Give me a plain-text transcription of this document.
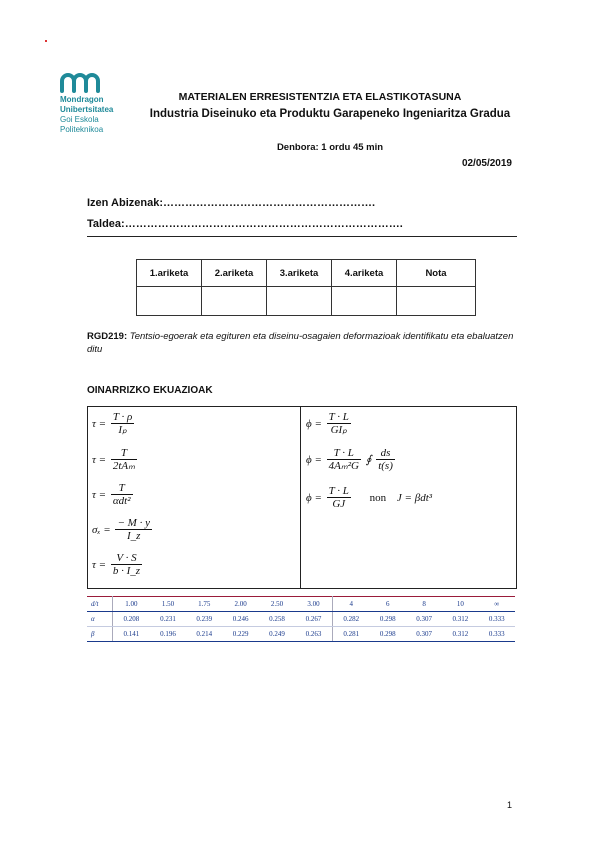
Mondragon
Unibertsitatea
Goi Eskola
Politeknikoa
MATERIALEN ERRESISTENTZIA ETA ELASTIKOTASUNA
Industria Diseinuko eta Produktu Garapeneko Ingeniaritza Gradua
Denbora: 1 ordu 45 min
02/05/2019
Izen Abizenak:………………………………………………….
Taldea:………………………………………………………………….
1.ariketa	2.ariketa	3.ariketa	4.ariketa	Nota

RGD219: Tentsio-egoerak eta egituren eta diseinu-osagaien deformazioak identifikatu eta ebaluatzen ditu
OINARRIZKO EKUAZIOAK
$\tau = \frac{T \cdot \rho}{\text{Iₚ}}$
$\tau = \frac{T}{\text{2tAₘ}}$
$\tau = \frac{T}{\text{αdt²}}$
$\sigma_x = \frac{- M \cdot y}{I\_z}$
$\tau = \frac{V \cdot S}{b \cdot I\_z}$
$\phi = \frac{T \cdot L}{\text{GIₚ}}$
$\phi = \frac{T \cdot L}{\text{4Aₘ²G}}$ ∮ $\frac{ds}{t(s)}$
$\phi = \frac{T \cdot L}{GJ}$ non J = βdt³
d/t	1.00	1.50	1.75	2.00	2.50	3.00	4	6	8	10	∞
α	0.208	0.231	0.239	0.246	0.258	0.267	0.282	0.298	0.307	0.312	0.333
β	0.141	0.196	0.214	0.229	0.249	0.263	0.281	0.298	0.307	0.312	0.333
1
